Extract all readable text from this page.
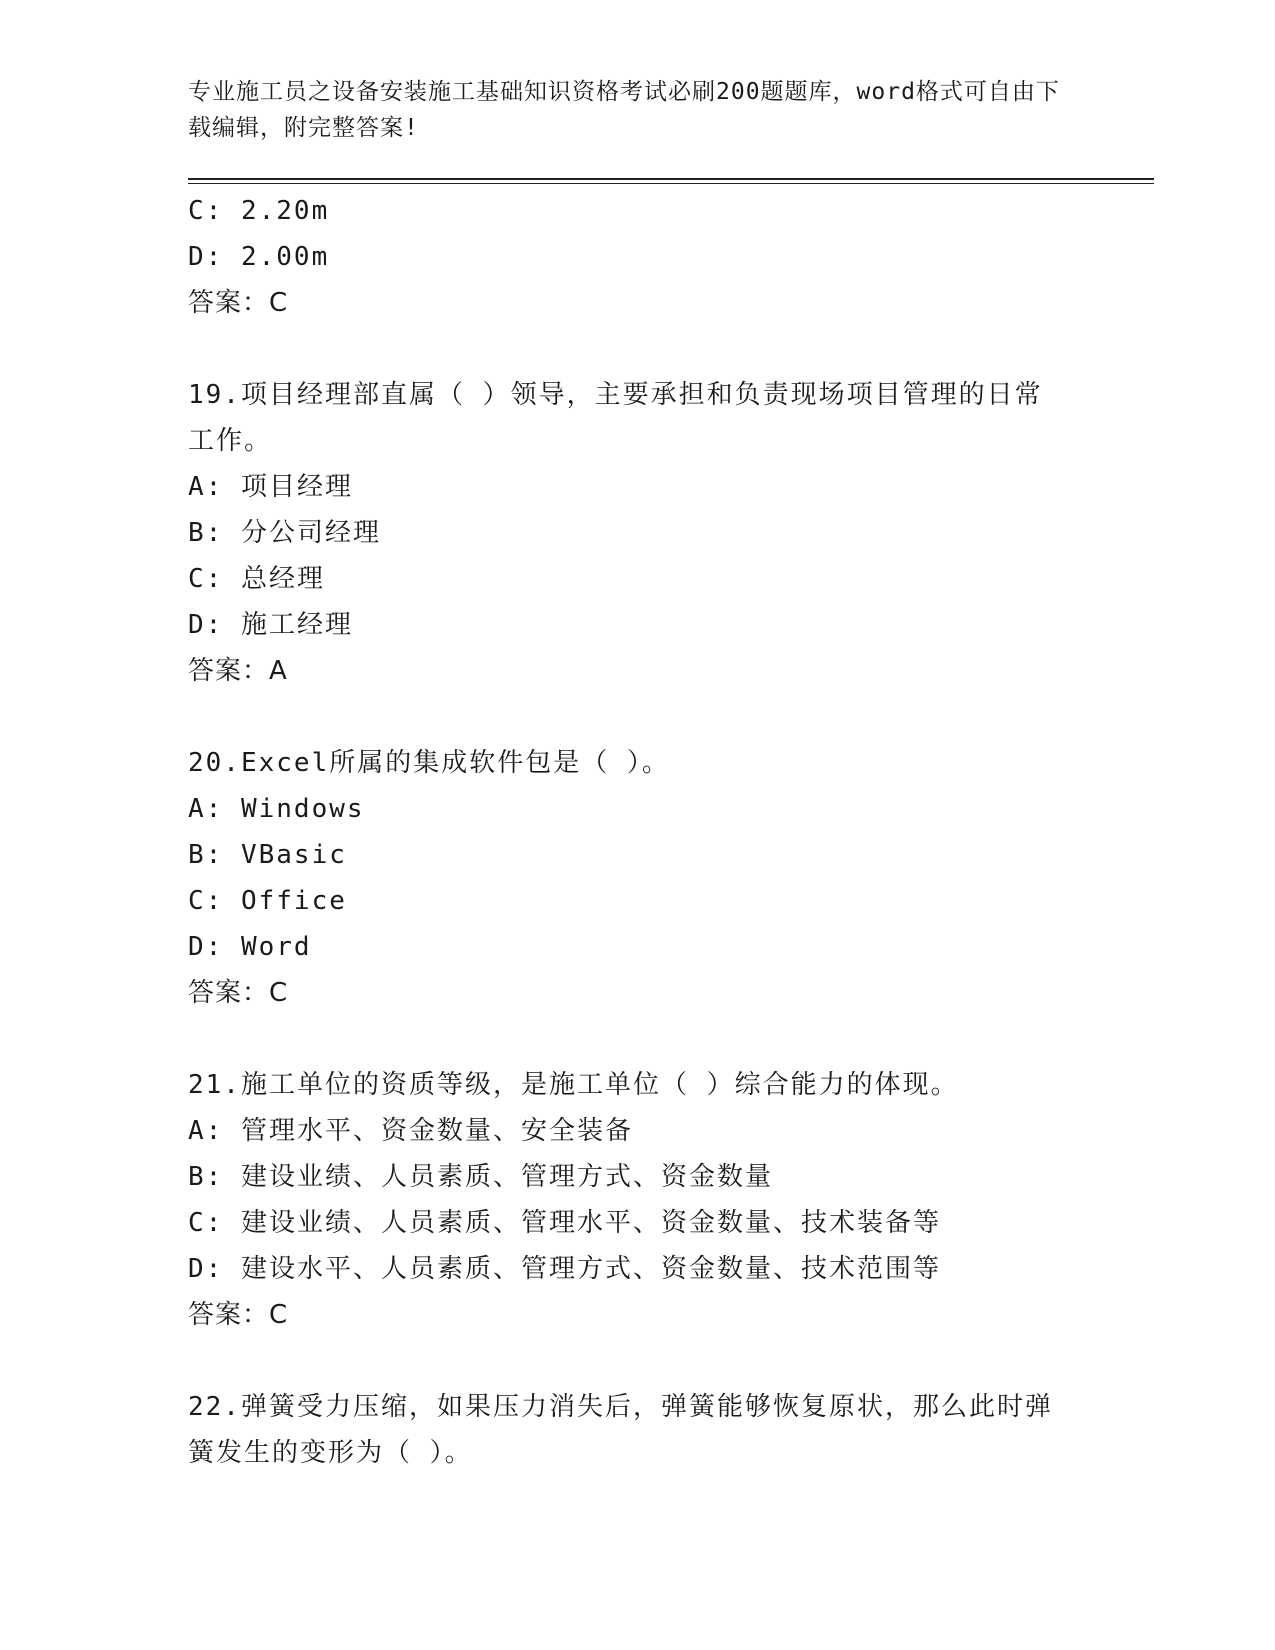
专业施工员之设备安装施工基础知识资格考试必刷200题题库，word格式可自由下载编辑，附完整答案!
C: 2.20m
D: 2.00m
答案：C
19.项目经理部直属（ ）领导，主要承担和负责现场项目管理的日常
工作。
A: 项目经理
B: 分公司经理
C: 总经理
D: 施工经理
答案：A
20.Excel所属的集成软件包是（ ）。
A: Windows
B: VBasic
C: Office
D: Word
答案：C
21.施工单位的资质等级，是施工单位（ ）综合能力的体现。
A: 管理水平、资金数量、安全装备
B: 建设业绩、人员素质、管理方式、资金数量
C: 建设业绩、人员素质、管理水平、资金数量、技术装备等
D: 建设水平、人员素质、管理方式、资金数量、技术范围等
答案：C
22.弹簧受力压缩，如果压力消失后，弹簧能够恢复原状，那么此时弹
簧发生的变形为（ ）。
